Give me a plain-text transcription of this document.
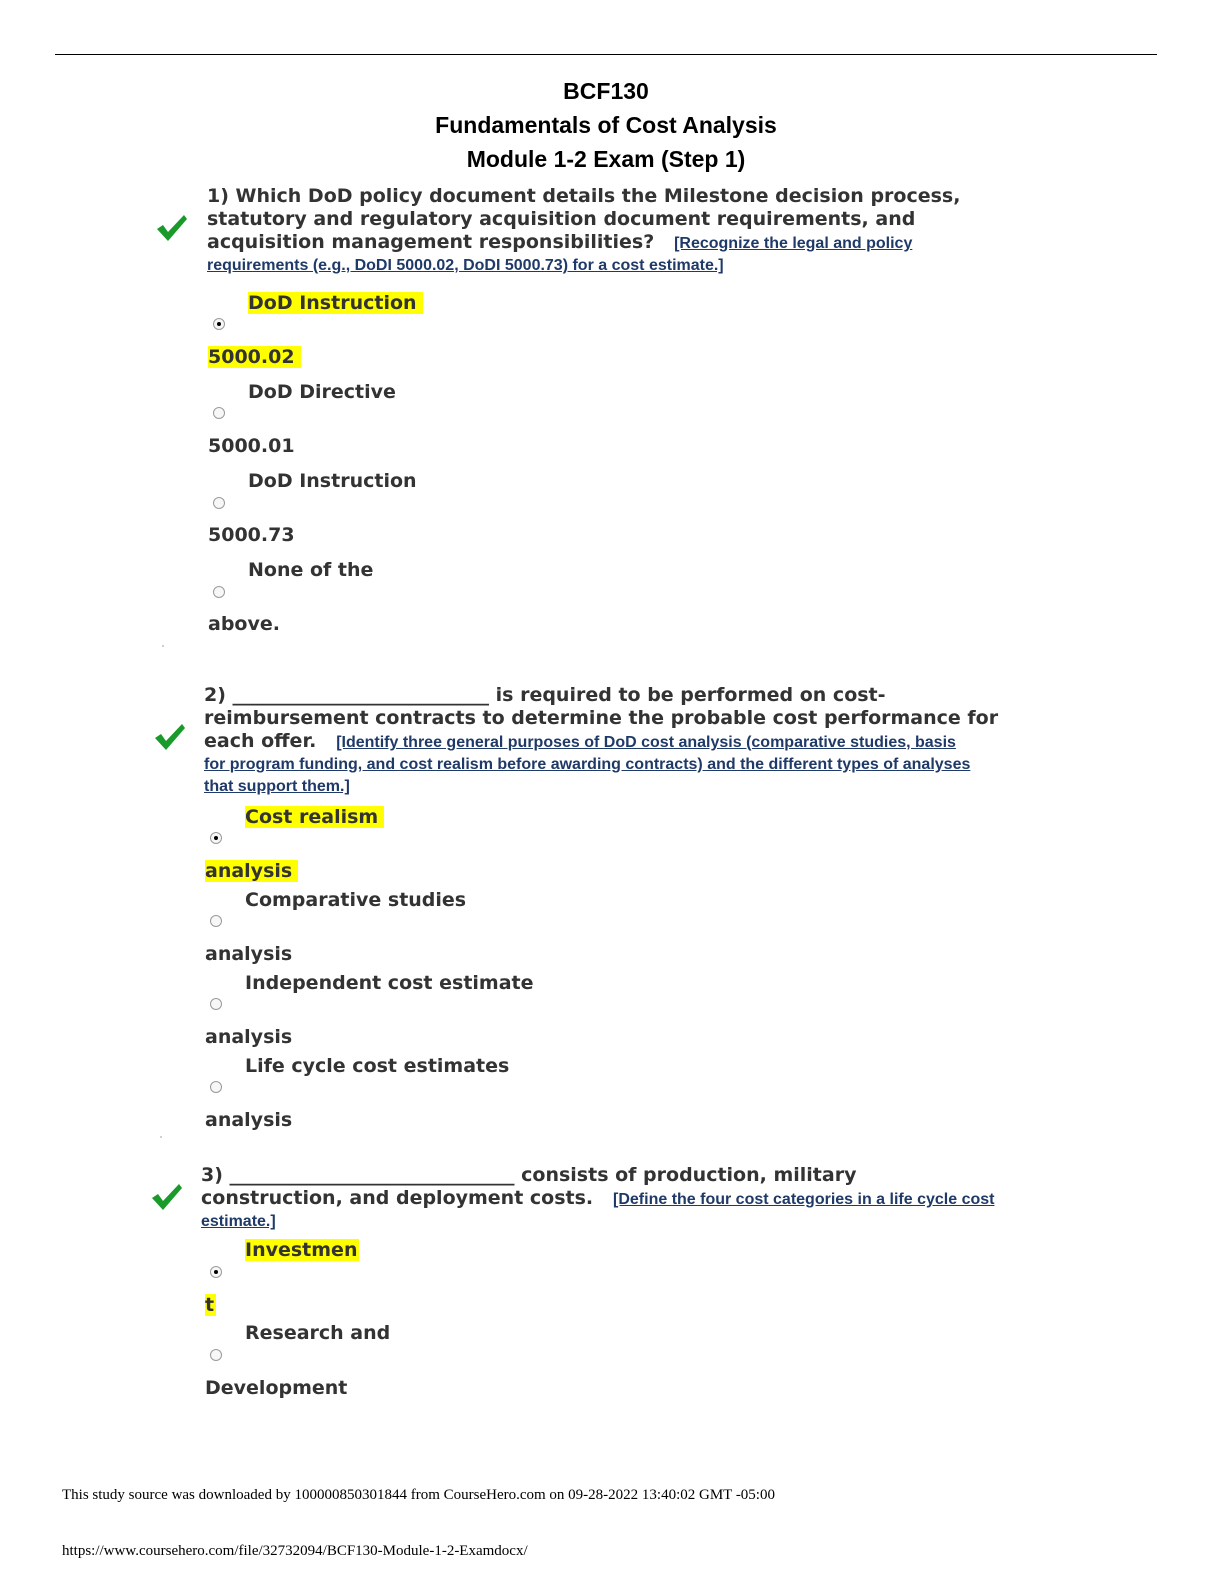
BCF130
Fundamentals of Cost Analysis
Module 1-2 Exam (Step 1)
1) Which DoD policy document details the Milestone decision process,
statutory and regulatory acquisition document requirements, and
acquisition management responsibilities? [Recognize the legal and policy
requirements (e.g., DoDI 5000.02, DoDI 5000.73) for a cost estimate.]
DoD Instruction
5000.02
DoD Directive
5000.01
DoD Instruction
5000.73
None of the
above.
2) ___________________________ is required to be performed on cost-
reimbursement contracts to determine the probable cost performance for
each offer. [Identify three general purposes of DoD cost analysis (comparative studies, basis
for program funding, and cost realism before awarding contracts) and the different types of analyses
that support them.]
Cost realism
analysis
Comparative studies
analysis
Independent cost estimate
analysis
Life cycle cost estimates
analysis
3) ______________________________ consists of production, military
construction, and deployment costs. [Define the four cost categories in a life cycle cost
estimate.]
Investmen
t
Research and
Development
This study source was downloaded by 100000850301844 from CourseHero.com on 09-28-2022 13:40:02 GMT -05:00
https://www.coursehero.com/file/32732094/BCF130-Module-1-2-Examdocx/
